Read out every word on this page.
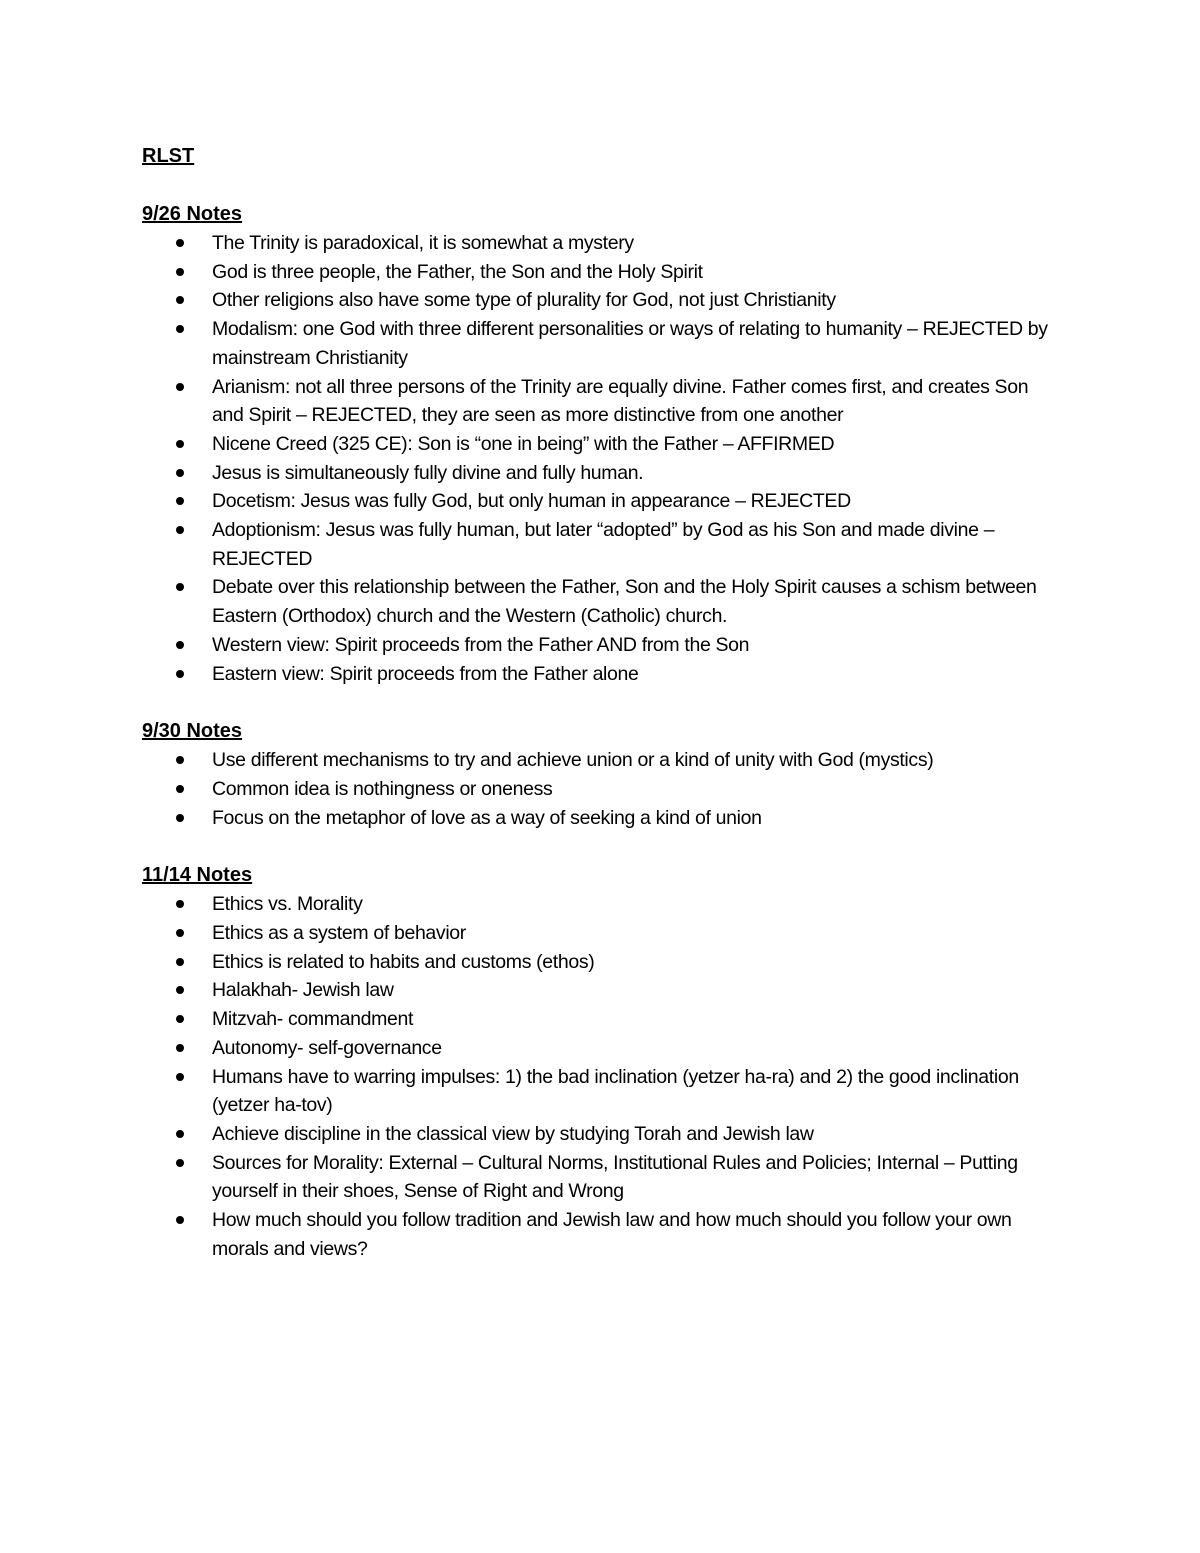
RLST
9/26 Notes
The Trinity is paradoxical, it is somewhat a mystery
God is three people, the Father, the Son and the Holy Spirit
Other religions also have some type of plurality for God, not just Christianity
Modalism: one God with three different personalities or ways of relating to humanity – REJECTED by mainstream Christianity
Arianism: not all three persons of the Trinity are equally divine. Father comes first, and creates Son and Spirit – REJECTED, they are seen as more distinctive from one another
Nicene Creed (325 CE): Son is “one in being” with the Father – AFFIRMED
Jesus is simultaneously fully divine and fully human.
Docetism: Jesus was fully God, but only human in appearance – REJECTED
Adoptionism: Jesus was fully human, but later “adopted” by God as his Son and made divine – REJECTED
Debate over this relationship between the Father, Son and the Holy Spirit causes a schism between Eastern (Orthodox) church and the Western (Catholic) church.
Western view: Spirit proceeds from the Father AND from the Son
Eastern view: Spirit proceeds from the Father alone
9/30 Notes
Use different mechanisms to try and achieve union or a kind of unity with God (mystics)
Common idea is nothingness or oneness
Focus on the metaphor of love as a way of seeking a kind of union
11/14 Notes
Ethics vs. Morality
Ethics as a system of behavior
Ethics is related to habits and customs (ethos)
Halakhah- Jewish law
Mitzvah- commandment
Autonomy- self-governance
Humans have to warring impulses: 1) the bad inclination (yetzer ha-ra) and 2) the good inclination (yetzer ha-tov)
Achieve discipline in the classical view by studying Torah and Jewish law
Sources for Morality: External – Cultural Norms, Institutional Rules and Policies; Internal – Putting yourself in their shoes, Sense of Right and Wrong
How much should you follow tradition and Jewish law and how much should you follow your own morals and views?
